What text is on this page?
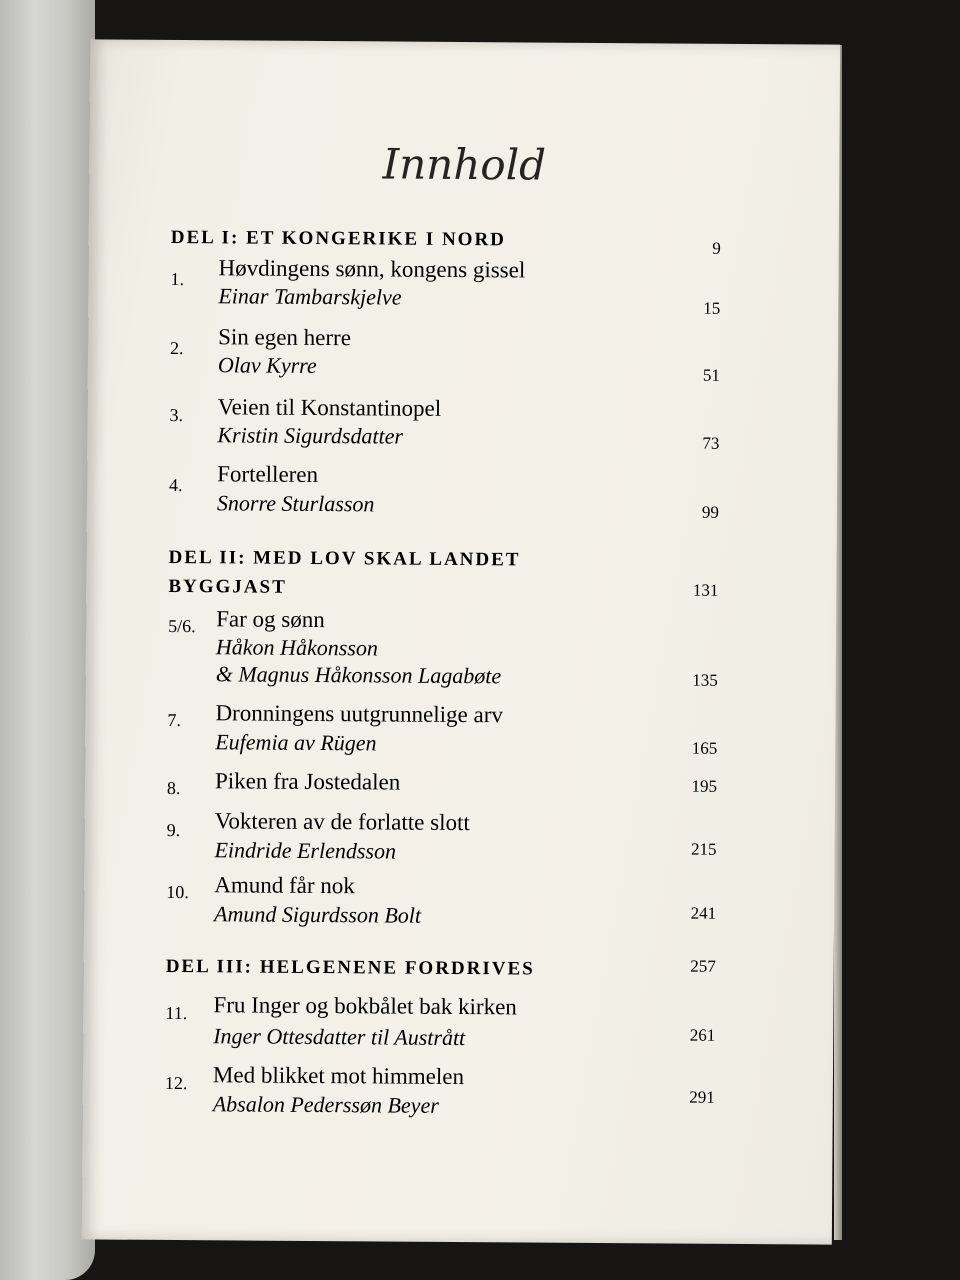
Innhold
DEL I: ET KONGERIKE I NORD	9
1. Høvdingens sønn, kongens gissel
Einar Tambarskjelve	15
2. Sin egen herre
Olav Kyrre	51
3. Veien til Konstantinopel
Kristin Sigurdsdatter	73
4. Fortelleren
Snorre Sturlasson	99
DEL II: MED LOV SKAL LANDET BYGGJAST	131
5/6. Far og sønn
Håkon Håkonsson
& Magnus Håkonsson Lagabøte	135
7. Dronningens uutgrunnelige arv
Eufemia av Rügen	165
8. Piken fra Jostedalen	195
9. Vokteren av de forlatte slott
Eindride Erlendsson	215
10. Amund får nok
Amund Sigurdsson Bolt	241
DEL III: HELGENENE FORDRIVES	257
11. Fru Inger og bokbålet bak kirken
Inger Ottesdatter til Austrått	261
12. Med blikket mot himmelen
Absalon Pederssøn Beyer	291
